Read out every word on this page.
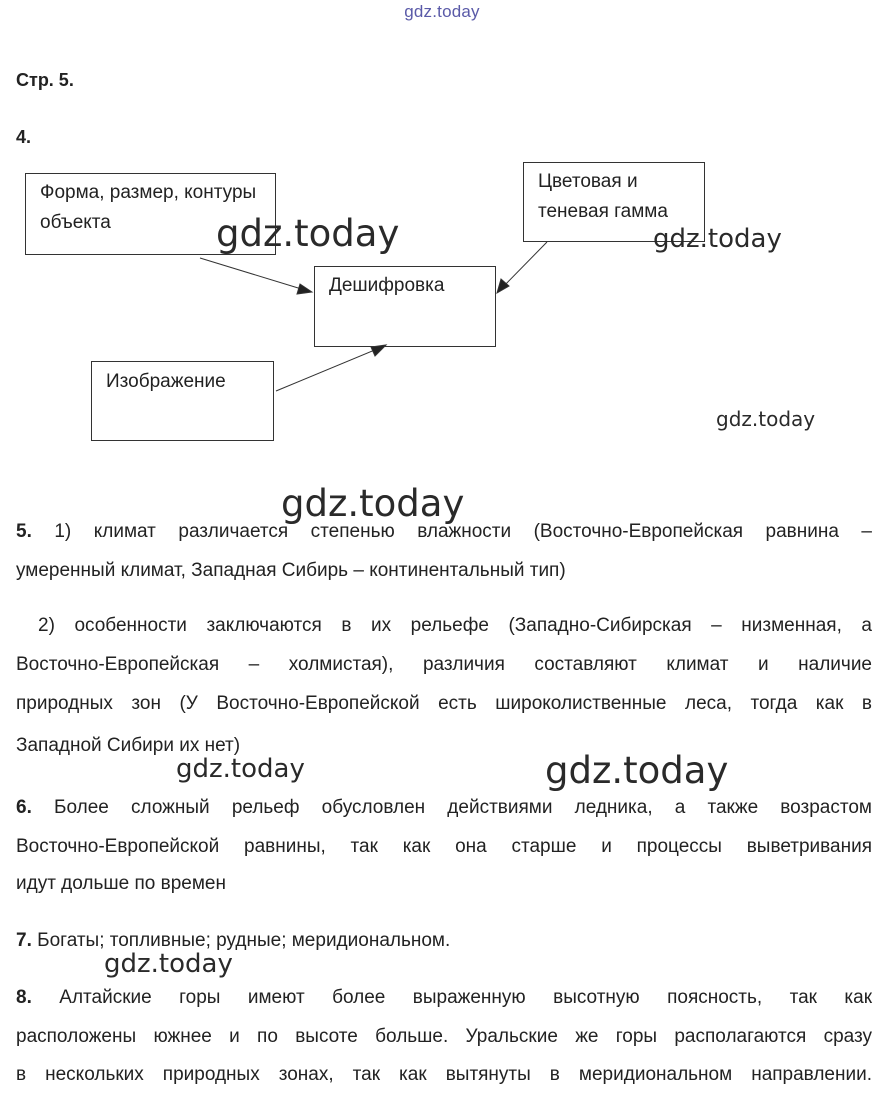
gdz.today
Стр. 5.
4.
Форма, размер, контуры объекта
Цветовая и теневая гамма
Дешифровка
Изображение
5. 1) климат различается степенью влажности (Восточно-Европейская равнина –
умеренный климат, Западная Сибирь – континентальный тип)
2) особенности заключаются в их рельефе (Западно-Сибирская – низменная, а
Восточно-Европейская – холмистая), различия составляют климат и наличие
природных зон (У Восточно-Европейской есть широколиственные леса, тогда как в
Западной Сибири их нет)
6. Более сложный рельеф обусловлен действиями ледника, а также возрастом
Восточно-Европейской равнины, так как она старше и процессы выветривания
идут дольше по времен
7. Богаты; топливные; рудные; меридиональном.
8. Алтайские горы имеют более выраженную высотную поясность, так как
расположены южнее и по высоте больше. Уральские же горы располагаются сразу
в нескольких природных зонах, так как вытянуты в меридиональном направлении.
gdz.today	gdz.today
gdz.today
gdz.today
gdz.today	gdz.today
gdz.today
